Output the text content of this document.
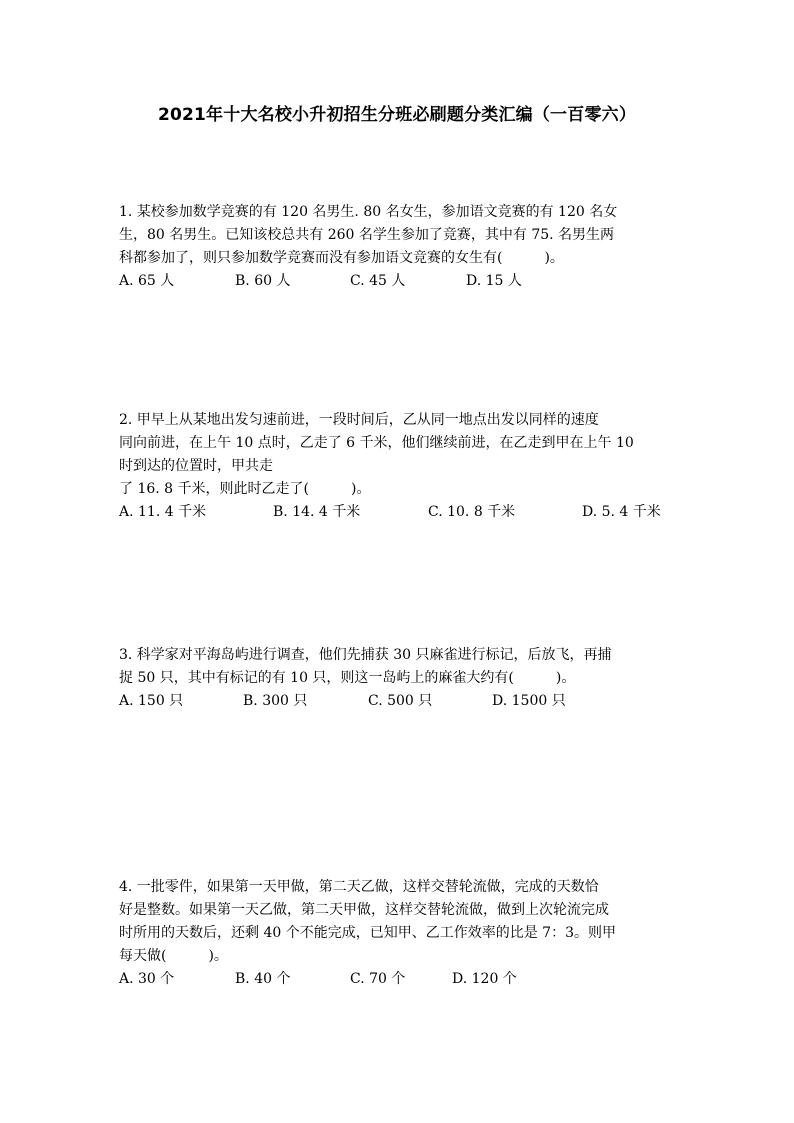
2021年十大名校小升初招生分班必刷题分类汇编（一百零六）
1. 某校参加数学竞赛的有 120 名男生. 80 名女生，参加语文竞赛的有 120 名女
生，80 名男生。已知该校总共有 260 名学生参加了竞赛，其中有 75. 名男生两
科都参加了，则只参加数学竞赛而没有参加语文竞赛的女生有(　　　)。
A. 65 人	B. 60 人	C. 45 人	D. 15 人
2. 甲早上从某地出发匀速前进，一段时间后，乙从同一地点出发以同样的速度
同向前进，在上午 10 点时，乙走了 6 千米，他们继续前进，在乙走到甲在上午 10
时到达的位置时，甲共走
了 16. 8 千米，则此时乙走了(　　　)。
A. 11. 4 千米	B. 14. 4 千米	C. 10. 8 千米	D. 5. 4 千米
3. 科学家对平海岛屿进行调查，他们先捕获 30 只麻雀进行标记，后放飞，再捕
捉 50 只，其中有标记的有 10 只，则这一岛屿上的麻雀大约有(　　　)。
A. 150 只	B. 300 只	C. 500 只	D. 1500 只
4. 一批零件，如果第一天甲做，第二天乙做，这样交替轮流做，完成的天数恰
好是整数。如果第一天乙做，第二天甲做，这样交替轮流做，做到上次轮流完成
时所用的天数后，还剩 40 个不能完成，已知甲、乙工作效率的比是 7：3。则甲
每天做(　　　)。
A. 30 个	B. 40 个	C. 70 个	D. 120 个
